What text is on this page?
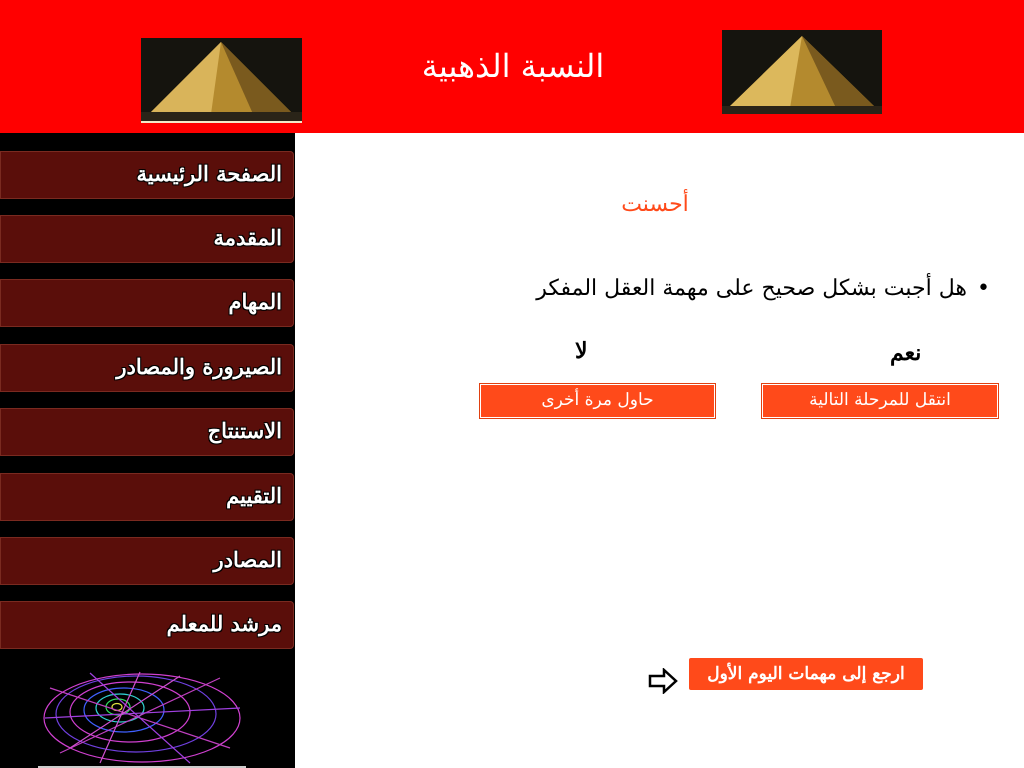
النسبة الذهبية
الصفحة الرئيسية
المقدمة
المهام
الصيرورة والمصادر
الاستنتاج
التقييم
المصادر
مرشد للمعلم
أحسنت
•هل أجبت بشكل صحيح على مهمة العقل المفكر
نعم
لا
انتقل للمرحلة التالية
حاول مرة أخرى
ارجع إلى مهمات اليوم الأول
